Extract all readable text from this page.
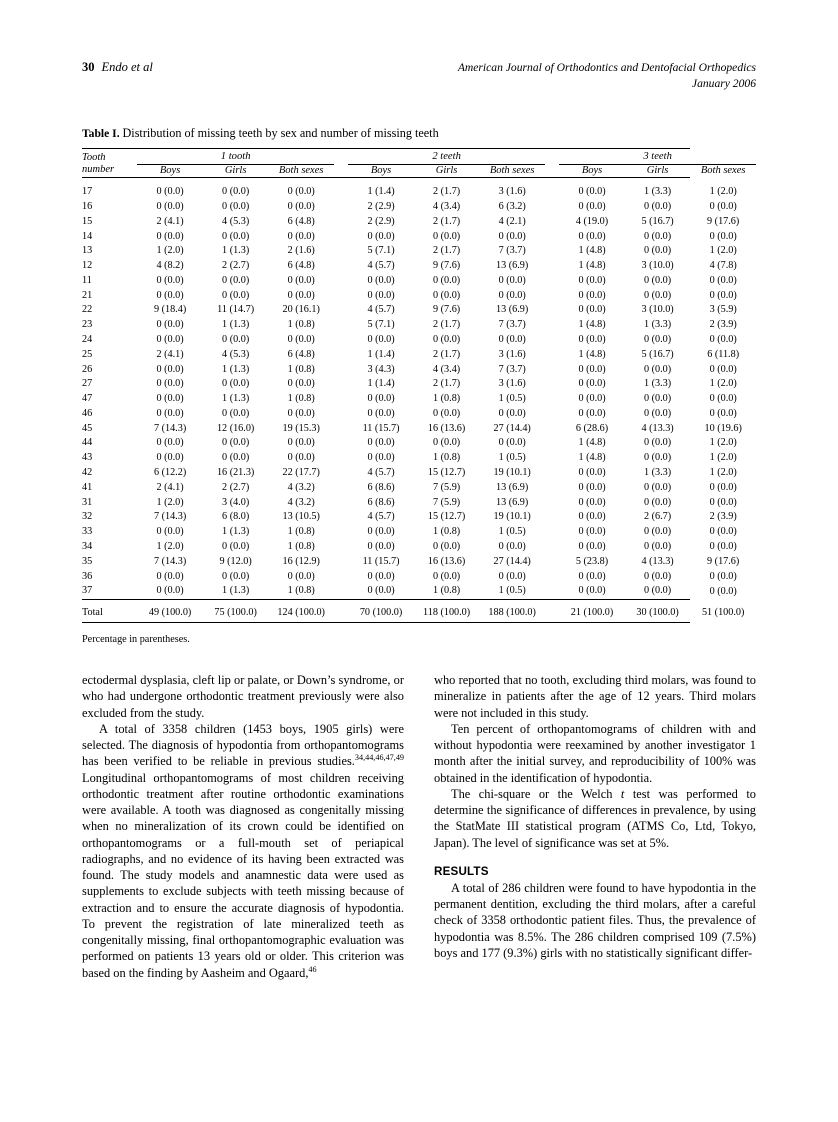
30 Endo et al	American Journal of Orthodontics and Dentofacial Orthopedics
January 2006
Table I. Distribution of missing teeth by sex and number of missing teeth

Tooth
number	1 tooth				2 teeth				3 teeth		
	Boys	Girls	Both sexes		Boys	Girls	Both sexes		Boys	Girls	Both sexes

17	0 (0.0)	0 (0.0)	0 (0.0)		1 (1.4)	2 (1.7)	3 (1.6)		0 (0.0)	1 (3.3)	1 (2.0)
16	0 (0.0)	0 (0.0)	0 (0.0)		2 (2.9)	4 (3.4)	6 (3.2)		0 (0.0)	0 (0.0)	0 (0.0)
15	2 (4.1)	4 (5.3)	6 (4.8)		2 (2.9)	2 (1.7)	4 (2.1)		4 (19.0)	5 (16.7)	9 (17.6)
14	0 (0.0)	0 (0.0)	0 (0.0)		0 (0.0)	0 (0.0)	0 (0.0)		0 (0.0)	0 (0.0)	0 (0.0)
13	1 (2.0)	1 (1.3)	2 (1.6)		5 (7.1)	2 (1.7)	7 (3.7)		1 (4.8)	0 (0.0)	1 (2.0)
12	4 (8.2)	2 (2.7)	6 (4.8)		4 (5.7)	9 (7.6)	13 (6.9)		1 (4.8)	3 (10.0)	4 (7.8)
11	0 (0.0)	0 (0.0)	0 (0.0)		0 (0.0)	0 (0.0)	0 (0.0)		0 (0.0)	0 (0.0)	0 (0.0)
21	0 (0.0)	0 (0.0)	0 (0.0)		0 (0.0)	0 (0.0)	0 (0.0)		0 (0.0)	0 (0.0)	0 (0.0)
22	9 (18.4)	11 (14.7)	20 (16.1)		4 (5.7)	9 (7.6)	13 (6.9)		0 (0.0)	3 (10.0)	3 (5.9)
23	0 (0.0)	1 (1.3)	1 (0.8)		5 (7.1)	2 (1.7)	7 (3.7)		1 (4.8)	1 (3.3)	2 (3.9)
24	0 (0.0)	0 (0.0)	0 (0.0)		0 (0.0)	0 (0.0)	0 (0.0)		0 (0.0)	0 (0.0)	0 (0.0)
25	2 (4.1)	4 (5.3)	6 (4.8)		1 (1.4)	2 (1.7)	3 (1.6)		1 (4.8)	5 (16.7)	6 (11.8)
26	0 (0.0)	1 (1.3)	1 (0.8)		3 (4.3)	4 (3.4)	7 (3.7)		0 (0.0)	0 (0.0)	0 (0.0)
27	0 (0.0)	0 (0.0)	0 (0.0)		1 (1.4)	2 (1.7)	3 (1.6)		0 (0.0)	1 (3.3)	1 (2.0)
47	0 (0.0)	1 (1.3)	1 (0.8)		0 (0.0)	1 (0.8)	1 (0.5)		0 (0.0)	0 (0.0)	0 (0.0)
46	0 (0.0)	0 (0.0)	0 (0.0)		0 (0.0)	0 (0.0)	0 (0.0)		0 (0.0)	0 (0.0)	0 (0.0)
45	7 (14.3)	12 (16.0)	19 (15.3)		11 (15.7)	16 (13.6)	27 (14.4)		6 (28.6)	4 (13.3)	10 (19.6)
44	0 (0.0)	0 (0.0)	0 (0.0)		0 (0.0)	0 (0.0)	0 (0.0)		1 (4.8)	0 (0.0)	1 (2.0)
43	0 (0.0)	0 (0.0)	0 (0.0)		0 (0.0)	1 (0.8)	1 (0.5)		1 (4.8)	0 (0.0)	1 (2.0)
42	6 (12.2)	16 (21.3)	22 (17.7)		4 (5.7)	15 (12.7)	19 (10.1)		0 (0.0)	1 (3.3)	1 (2.0)
41	2 (4.1)	2 (2.7)	4 (3.2)		6 (8.6)	7 (5.9)	13 (6.9)		0 (0.0)	0 (0.0)	0 (0.0)
31	1 (2.0)	3 (4.0)	4 (3.2)		6 (8.6)	7 (5.9)	13 (6.9)		0 (0.0)	0 (0.0)	0 (0.0)
32	7 (14.3)	6 (8.0)	13 (10.5)		4 (5.7)	15 (12.7)	19 (10.1)		0 (0.0)	2 (6.7)	2 (3.9)
33	0 (0.0)	1 (1.3)	1 (0.8)		0 (0.0)	1 (0.8)	1 (0.5)		0 (0.0)	0 (0.0)	0 (0.0)
34	1 (2.0)	0 (0.0)	1 (0.8)		0 (0.0)	0 (0.0)	0 (0.0)		0 (0.0)	0 (0.0)	0 (0.0)
35	7 (14.3)	9 (12.0)	16 (12.9)		11 (15.7)	16 (13.6)	27 (14.4)		5 (23.8)	4 (13.3)	9 (17.6)
36	0 (0.0)	0 (0.0)	0 (0.0)		0 (0.0)	0 (0.0)	0 (0.0)		0 (0.0)	0 (0.0)	0 (0.0)
37	0 (0.0)	1 (1.3)	1 (0.8)		0 (0.0)	1 (0.8)	1 (0.5)		0 (0.0)	0 (0.0)	0 (0.0)

Total	49 (100.0)	75 (100.0)	124 (100.0)		70 (100.0)	118 (100.0)	188 (100.0)		21 (100.0)	30 (100.0)	51 (100.0)

Percentage in parentheses.

ectodermal dysplasia, cleft lip or palate, or Down’s syndrome, or who had undergone orthodontic treatment previously were also excluded from the study.

A total of 3358 children (1453 boys, 1905 girls) were selected. The diagnosis of hypodontia from orthopantomograms has been verified to be reliable in previous studies.$^{34,44,46,47,49}$ Longitudinal orthopantomograms of most children receiving orthodontic treatment after routine orthodontic examinations were available. A tooth was diagnosed as congenitally missing when no mineralization of its crown could be identified on orthopantomograms or a full-mouth set of periapical radiographs, and no evidence of its having been extracted was found. The study models and anamnestic data were used as supplements to exclude subjects with teeth missing because of extraction and to ensure the accurate diagnosis of hypodontia. To prevent the registration of late mineralized teeth as congenitally missing, final orthopantomographic evaluation was performed on patients 13 years old or older. This criterion was based on the finding by Aasheim and Ogaard,$^{46}$

who reported that no tooth, excluding third molars, was found to mineralize in patients after the age of 12 years. Third molars were not included in this study.

Ten percent of orthopantomograms of children with and without hypodontia were reexamined by another investigator 1 month after the initial survey, and reproducibility of 100% was obtained in the identification of hypodontia.

The chi-square or the Welch t test was performed to determine the significance of differences in prevalence, by using the StatMate III statistical program (ATMS Co, Ltd, Tokyo, Japan). The level of significance was set at 5%.

RESULTS

A total of 286 children were found to have hypodontia in the permanent dentition, excluding the third molars, after a careful check of 3358 orthodontic patient files. Thus, the prevalence of hypodontia was 8.5%. The 286 children comprised 109 (7.5%) boys and 177 (9.3%) girls with no statistically significant differ-
